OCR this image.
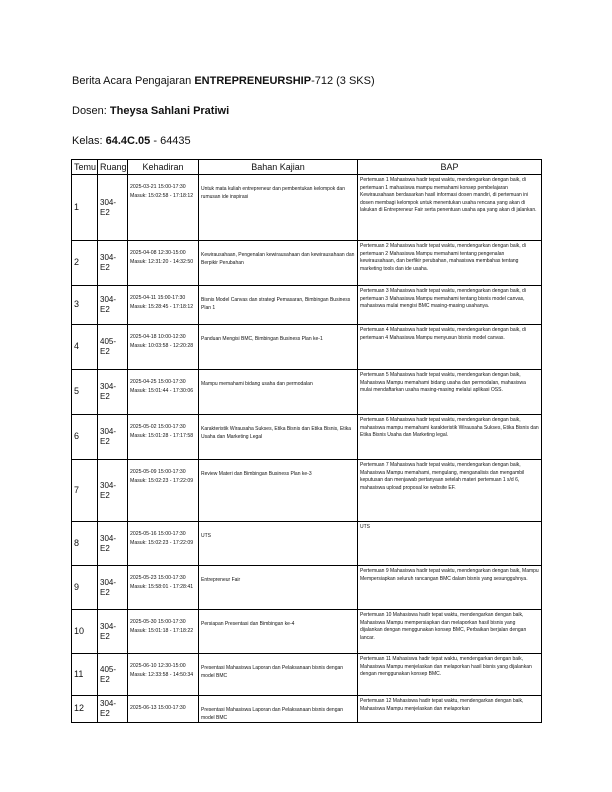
Berita Acara Pengajaran ENTREPRENEURSHIP-712 (3 SKS)
Dosen: Theysa Sahlani Pratiwi
Kelas: 64.4C.05 - 64435
Temu	Ruang	Kehadiran	Bahan Kajian	BAP
1	304-E2	2025-03-21 15:00-17:30
Masuk: 15:02:58 - 17:18:12	Untuk mata kuliah entrepreneur dan pembentukan kelompok dan rumusan ide inspirasi	Pertemuan 1 Mahasiswa hadir tepat waktu, mendengarkan dengan baik, di pertemuan 1 mahasiswa mampu memahami konsep pembelajaran Kewirausahaan berdasarkan hasil informasi dosen mandiri, di pertemuan ini dosen membagi kelompok untuk menentukan usaha rencana yang akan di lakukan di Entrepreneur Fair serta penentuan usaha apa yang akan di jalankan.

2	304-E2	2025-04-08 12:30-15:00
Masuk: 12:31:20 - 14:32:50	Kewirausahaan, Pengenalan kewirausahaan dan kewirausahaan dan Berpikir Perubahan	Pertemuan 2 Mahasiswa hadir tepat waktu, mendengarkan dengan baik, di pertemuan 2 Mahasiswa Mampu memahami tentang pengenalan kewirausahaan, dan berfikir perubahan, mahasiswa membahas tentang marketing tools dan ide usaha.

3	304-E2	2025-04-11 15:00-17:30
Masuk: 15:28:45 - 17:18:12	Bisnis Model Canvas dan strategi Pemasaran, Bimbingan Business Plan 1	Pertemuan 3 Mahasiswa hadir tepat waktu, mendengarkan dengan baik, di pertemuan 3 Mahasiswa Mampu memahami tentang bisnis model canvas, mahasiswa mulai mengisi BMC masing-masing usahanya.

4	405-E2	2025-04-18 10:00-12:30
Masuk: 10:03:58 - 12:20:28	Panduan Mengisi BMC, Bimbingan Business Plan ke-1	Pertemuan 4 Mahasiswa hadir tepat waktu, mendengarkan dengan baik, di pertemuan 4 Mahasiswa Mampu menyusun bisnis model canvas.

5	304-E2	2025-04-25 15:00-17:30
Masuk: 15:01:44 - 17:30:06	Mampu memahami bidang usaha dan permodalan	Pertemuan 5 Mahasiswa hadir tepat waktu, mendengarkan dengan baik, Mahasiswa Mampu memahami bidang usaha dan permodalan, mahasiswa mulai mendaftarkan usaha masing-masing melalui aplikasi OSS.

6	304-E2	2025-05-02 15:00-17:30
Masuk: 15:01:28 - 17:17:58	Karakteristik Wirausaha Sukses, Etika Bisnis dan Etika Bisnis, Etika Usaha dan Marketing Legal	Pertemuan 6 Mahasiswa hadir tepat waktu, mendengarkan dengan baik, mahasiswa mampu memahami karakteristik Wirausaha Sukses, Etika Bisnis dan Etika Bisnis Usaha dan Marketing legal.

7	304-E2	2025-05-09 15:00-17:30
Masuk: 15:02:23 - 17:22:09	Review Materi dan Bimbingan Business Plan ke-3	Pertemuan 7 Mahasiswa hadir tepat waktu, mendengarkan dengan baik, Mahasiswa Mampu memahami, mengulang, menganalisis dan mengambil keputusan dan menjawab pertanyaan setelah materi pertemuan 1 s/d 6, mahasiswa upload proposal ke website EF.

8	304-E2	2025-05-16 15:00-17:30
Masuk: 15:02:23 - 17:22:09	UTS	UTS

9	304-E2	2025-05-23 15:00-17:30
Masuk: 15:58:01 - 17:28:41	Entrepreneur Fair	Pertemuan 9 Mahasiswa hadir tepat waktu, mendengarkan dengan baik, Mampu Mempersiapkan seluruh rancangan BMC dalam bisnis yang sesungguhnya.

10	304-E2	2025-05-30 15:00-17:30
Masuk: 15:01:18 - 17:18:22	Persiapan Presentasi dan Bimbingan ke-4	Pertemuan 10 Mahasiswa hadir tepat waktu, mendengarkan dengan baik, Mahasiswa Mampu mempersiapkan dan melaporkan hasil bisnis yang dijalankan dengan menggunakan konsep BMC, Perbaikan berjalan dengan lancar.

11	405-E2	2025-06-10 12:30-15:00
Masuk: 12:33:58 - 14:50:34	Presentasi Mahasiswa Laporan dan Pelaksanaan bisnis dengan model BMC	Pertemuan 11 Mahasiswa hadir tepat waktu, mendengarkan dengan baik, Mahasiswa Mampu menjelaskan dan melaporkan hasil bisnis yang dijalankan dengan menggunakan konsep BMC.

12	304-E2	2025-06-13 15:00-17:30	Presentasi Mahasiswa Laporan dan Pelaksanaan bisnis dengan model BMC	Pertemuan 12 Mahasiswa hadir tepat waktu, mendengarkan dengan baik, Mahasiswa Mampu menjelaskan dan melaporkan
